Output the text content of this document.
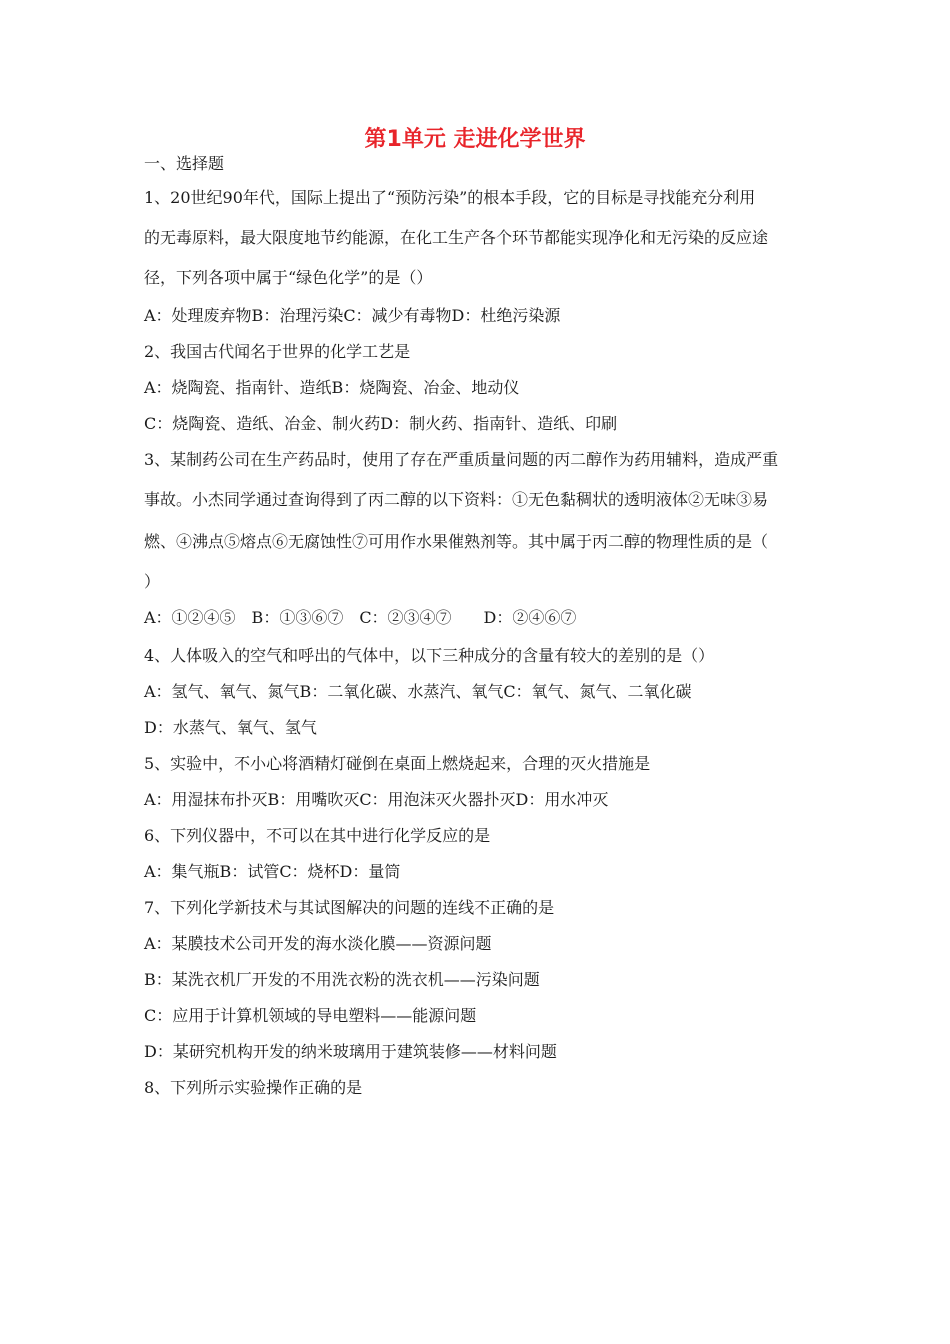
第1单元 走进化学世界
一、选择题
1、20世纪90年代，国际上提出了“预防污染”的根本手段，它的目标是寻找能充分利用
的无毒原料，最大限度地节约能源，在化工生产各个环节都能实现净化和无污染的反应途
径，下列各项中属于“绿色化学”的是（）
A：处理废弃物B：治理污染C：减少有毒物D：杜绝污染源
2、我国古代闻名于世界的化学工艺是
A：烧陶瓷、指南针、造纸B：烧陶瓷、冶金、地动仪
C：烧陶瓷、造纸、冶金、制火药D：制火药、指南针、造纸、印刷
3、某制药公司在生产药品时，使用了存在严重质量问题的丙二醇作为药用辅料，造成严重
事故。小杰同学通过查询得到了丙二醇的以下资料：①无色黏稠状的透明液体②无味③易
燃、④沸点⑤熔点⑥无腐蚀性⑦可用作水果催熟剂等。其中属于丙二醇的物理性质的是（
）
A：①②④⑤　B：①③⑥⑦　C：②③④⑦　　D：②④⑥⑦
4、人体吸入的空气和呼出的气体中，以下三种成分的含量有较大的差别的是（）
A：氢气、氧气、氮气B：二氧化碳、水蒸汽、氧气C：氧气、氮气、二氧化碳
D：水蒸气、氧气、氢气
5、实验中，不小心将酒精灯碰倒在桌面上燃烧起来，合理的灭火措施是
A：用湿抹布扑灭B：用嘴吹灭C：用泡沫灭火器扑灭D：用水冲灭
6、下列仪器中，不可以在其中进行化学反应的是
A：集气瓶B：试管C：烧杯D：量筒
7、下列化学新技术与其试图解决的问题的连线不正确的是
A：某膜技术公司开发的海水淡化膜——资源问题
B：某洗衣机厂开发的不用洗衣粉的洗衣机——污染问题
C：应用于计算机领域的导电塑料——能源问题
D：某研究机构开发的纳米玻璃用于建筑装修——材料问题
8、下列所示实验操作正确的是
